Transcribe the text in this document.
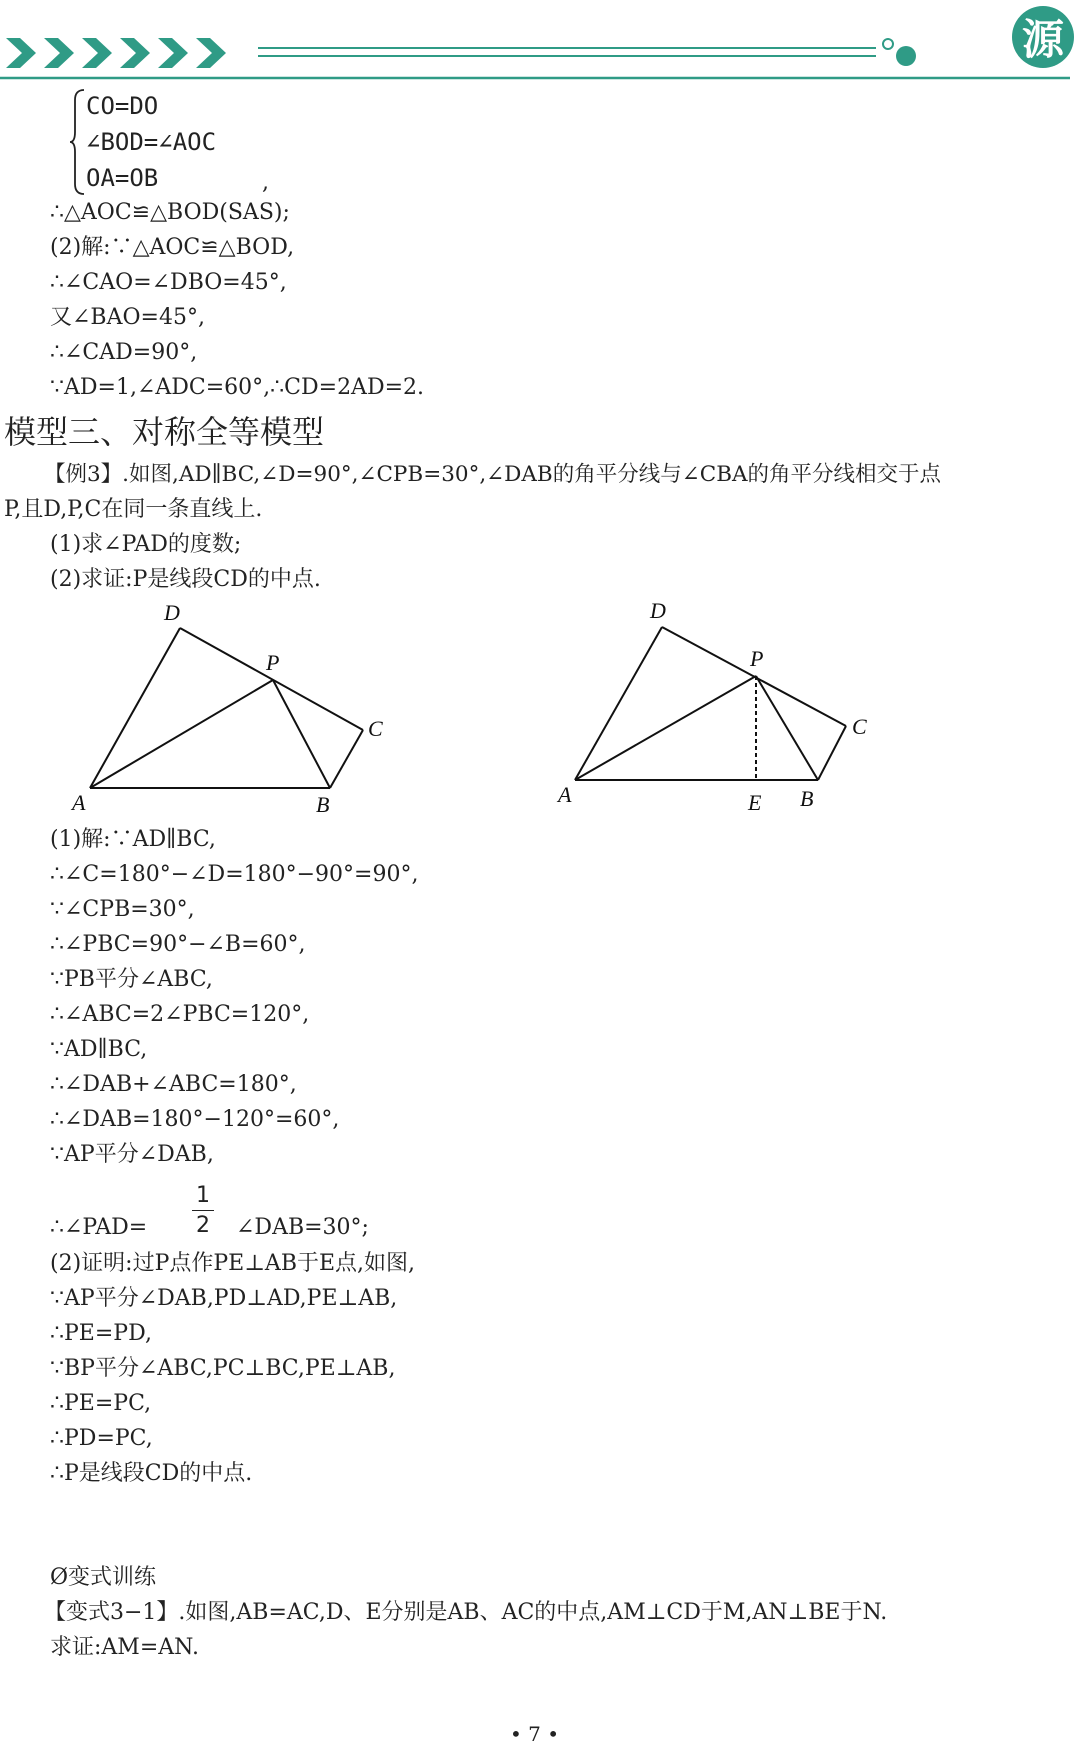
源
CO=DO
∠BOD=∠AOC
OA=OB	,
∴△AOC≌△BOD(SAS);
(2)解:∵△AOC≌△BOD,
∴∠CAO=∠DBO=45°,
又∠BAO=45°,
∴∠CAD=90°,
∵AD=1,∠ADC=60°,∴CD=2AD=2.
模型三、对称全等模型
【例3】.如图,AD∥BC,∠D=90°,∠CPB=30°,∠DAB的角平分线与∠CBA的角平分线相交于点
P,且D,P,C在同一条直线上.
(1)求∠PAD的度数;
(2)求证:P是线段CD的中点.
D
P
C
A	B
D
P
C
A	E B
(1)解:∵AD∥BC,
∴∠C=180°−∠D=180°−90°=90°,
∵∠CPB=30°,
∴∠PBC=90°−∠B=60°,
∵PB平分∠ABC,
∴∠ABC=2∠PBC=120°,
∵AD∥BC,
∴∠DAB+∠ABC=180°,
∴∠DAB=180°−120°=60°,
∵AP平分∠DAB,
∴∠PAD=
1
2 ∠DAB=30°;
(2)证明:过P点作PE⊥AB于E点,如图,
∵AP平分∠DAB,PD⊥AD,PE⊥AB,
∴PE=PD,
∵BP平分∠ABC,PC⊥BC,PE⊥AB,
∴PE=PC,
∴PD=PC,
∴P是线段CD的中点.
Ø变式训练
【变式3−1】.如图,AB=AC,D、E分别是AB、AC的中点,AM⊥CD于M,AN⊥BE于N.
求证:AM=AN.
• 7 •
